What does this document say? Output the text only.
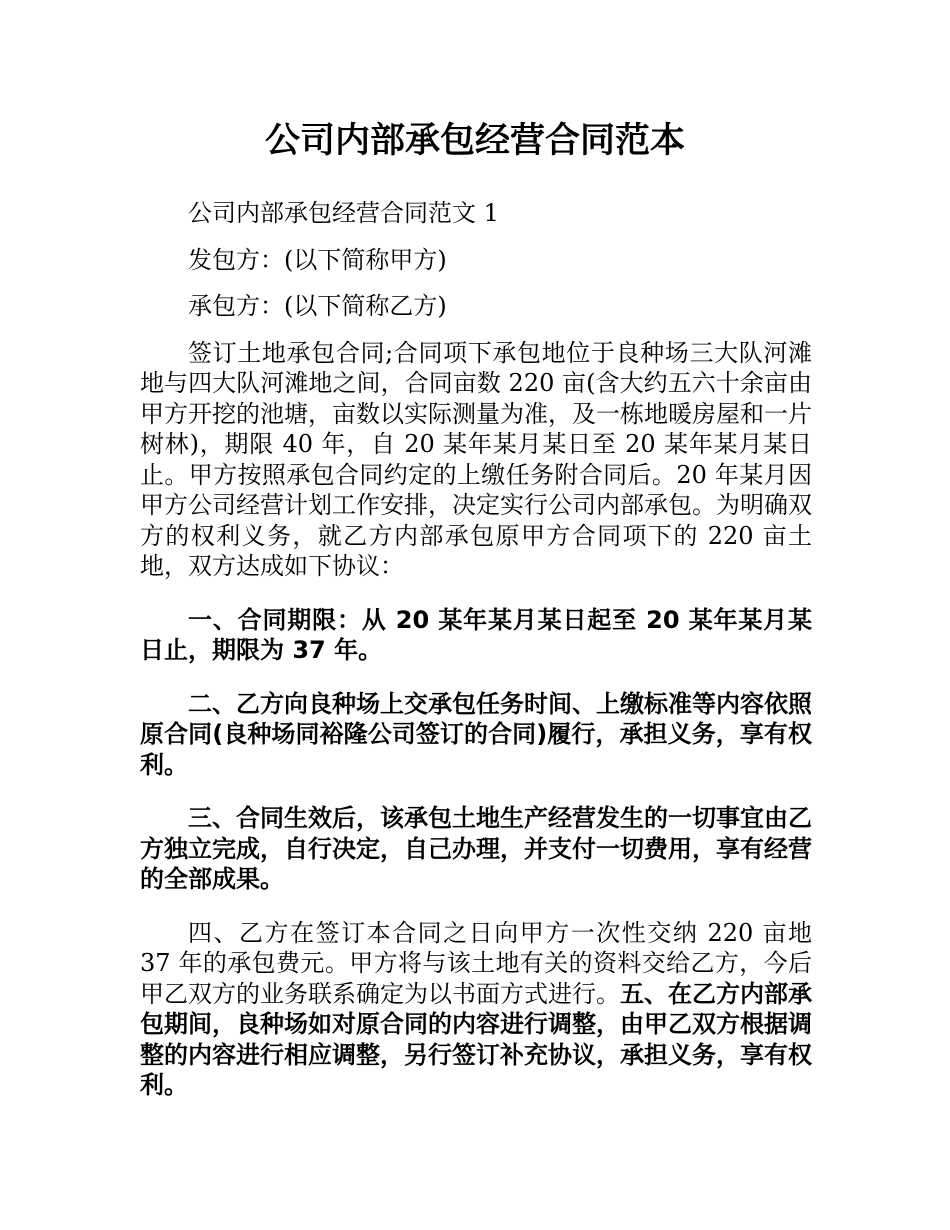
公司内部承包经营合同范本

公司内部承包经营合同范文 1

发包方：(以下简称甲方)

承包方：(以下简称乙方)

签订土地承包合同;合同项下承包地位于良种场三大队河滩地与四大队河滩地之间，合同亩数 220 亩(含大约五六十余亩由甲方开挖的池塘，亩数以实际测量为准，及一栋地暖房屋和一片树林)，期限 40 年，自 20 某年某月某日至 20 某年某月某日止。甲方按照承包合同约定的上缴任务附合同后。20 年某月因甲方公司经营计划工作安排，决定实行公司内部承包。为明确双方的权利义务，就乙方内部承包原甲方合同项下的 220 亩土地，双方达成如下协议：

一、合同期限：从 20 某年某月某日起至 20 某年某月某日止，期限为 37 年。

二、乙方向良种场上交承包任务时间、上缴标准等内容依照原合同(良种场同裕隆公司签订的合同)履行，承担义务，享有权利。

三、合同生效后，该承包土地生产经营发生的一切事宜由乙方独立完成，自行决定，自己办理，并支付一切费用，享有经营的全部成果。

四、乙方在签订本合同之日向甲方一次性交纳 220 亩地 37 年的承包费元。甲方将与该土地有关的资料交给乙方，今后甲乙双方的业务联系确定为以书面方式进行。五、在乙方内部承包期间，良种场如对原合同的内容进行调整，由甲乙双方根据调整的内容进行相应调整，另行签订补充协议，承担义务，享有权利。
